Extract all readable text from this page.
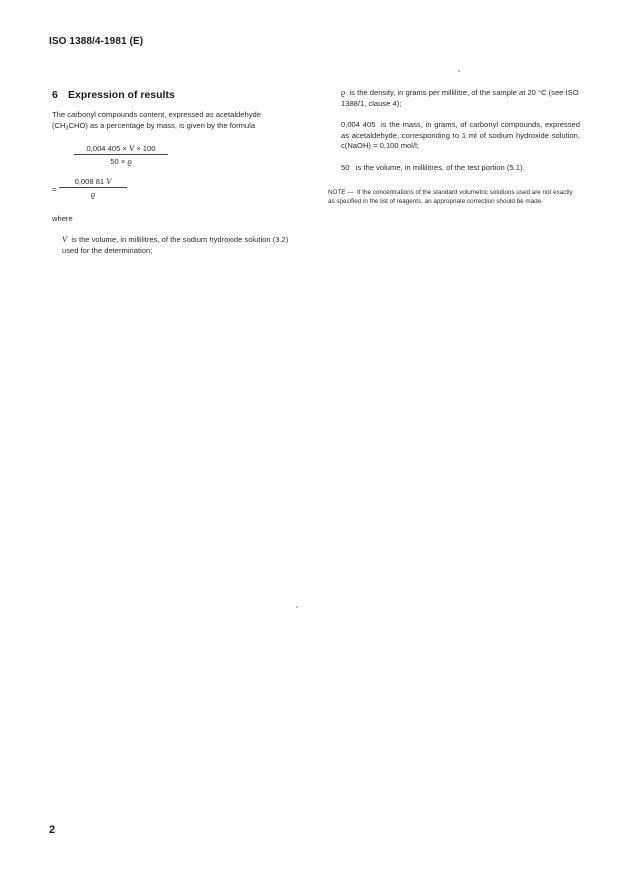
ISO 1388/4-1981 (E)
6 Expression of results
The carbonyl compounds content, expressed as acetaldehyde
$(CH_3CHO)$ as a percentage by mass, is given by the formula
$\frac{0,004 405 \times V \times 100}{50 \times ϱ}$
= $\frac{0,008 81 V}{ϱ}$
where
V is the volume, in millilitres, of the sodium hydroxide solution (3.2) used for the determination;
ϱ is the density, in grams per millilitre, of the sample at 20 °C (see ISO 1388/1, clause 4);
0,004 405 is the mass, in grams, of carbonyl compounds, expressed as acetaldehyde, corresponding to 1 ml of sodium hydroxide solution, c(NaOH) = 0,100 mol/l;
50 is the volume, in millilitres, of the test portion (5.1).
NOTE — If the concentrations of the standard volumetric solutions used are not exactly as specified in the list of reagents, an appropriate correction should be made.
2
